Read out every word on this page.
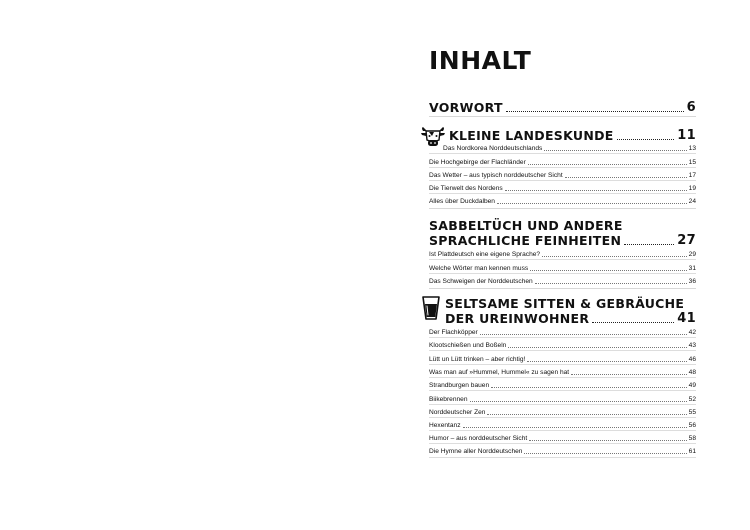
INHALT
VORWORT	6
KLEINE LANDESKUNDE	11
Das Nordkorea Norddeutschlands	13
Die Hochgebirge der Flachländer	15
Das Wetter – aus typisch norddeutscher Sicht	17
Die Tierwelt des Nordens	19
Alles über Duckdalben	24
SABBELTÜCH UND ANDERE
SPRACHLICHE FEINHEITEN	27
Ist Plattdeutsch eine eigene Sprache?	29
Welche Wörter man kennen muss	31
Das Schweigen der Norddeutschen	36
SELTSAME SITTEN & GEBRÄUCHE
DER UREINWOHNER	41
Der Flachköpper	42
Klootschießen und Boßeln	43
Lütt un Lütt trinken – aber richtig!	46
Was man auf »Hummel, Hummel« zu sagen hat	48
Strandburgen bauen	49
Biikebrennen	52
Norddeutscher Zen	55
Hexentanz	56
Humor – aus norddeutscher Sicht	58
Die Hymne aller Norddeutschen	61
